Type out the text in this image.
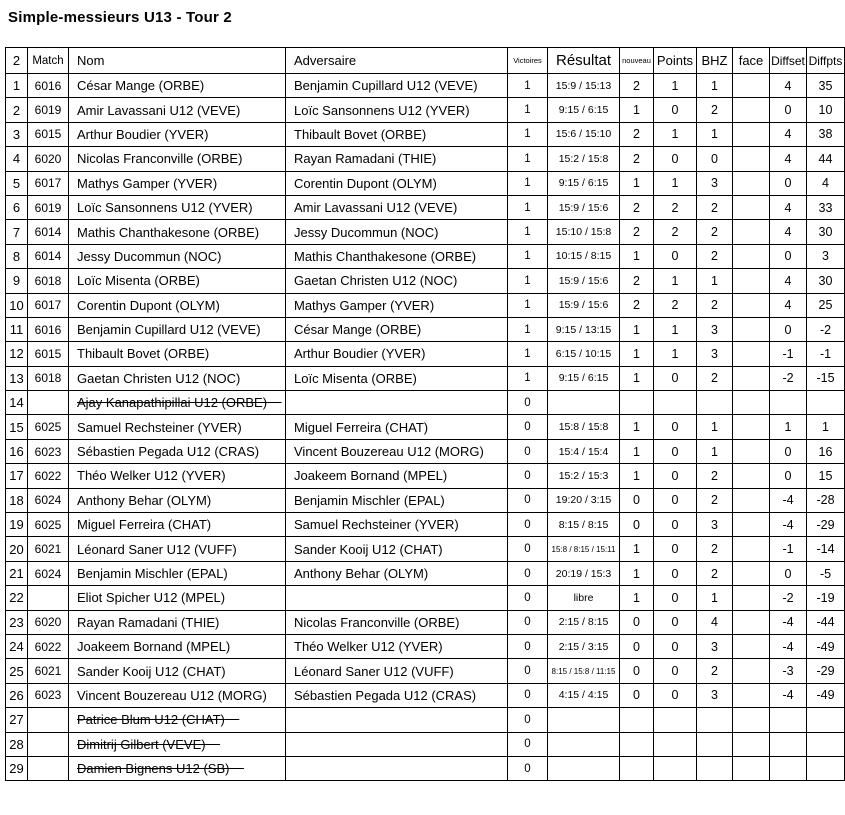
Simple-messieurs U13 - Tour 2
2	Match	Nom	Adversaire	Victoires	Résultat	nouveau	Points	BHZ	face	Diffset	Diffpts
1	6016	César Mange (ORBE)	Benjamin Cupillard U12 (VEVE)	1	15:9 / 15:13	2	1	1		4	35
2	6019	Amir Lavassani U12 (VEVE)	Loïc Sansonnens U12 (YVER)	1	9:15 / 6:15	1	0	2		0	10
3	6015	Arthur Boudier (YVER)	Thibault Bovet (ORBE)	1	15:6 / 15:10	2	1	1		4	38
4	6020	Nicolas Franconville (ORBE)	Rayan Ramadani (THIE)	1	15:2 / 15:8	2	0	0		4	44
5	6017	Mathys Gamper (YVER)	Corentin Dupont (OLYM)	1	9:15 / 6:15	1	1	3		0	4
6	6019	Loïc Sansonnens U12 (YVER)	Amir Lavassani U12 (VEVE)	1	15:9 / 15:6	2	2	2		4	33
7	6014	Mathis Chanthakesone (ORBE)	Jessy Ducommun (NOC)	1	15:10 / 15:8	2	2	2		4	30
8	6014	Jessy Ducommun (NOC)	Mathis Chanthakesone (ORBE)	1	10:15 / 8:15	1	0	2		0	3
9	6018	Loïc Misenta (ORBE)	Gaetan Christen U12 (NOC)	1	15:9 / 15:6	2	1	1		4	30
10	6017	Corentin Dupont (OLYM)	Mathys Gamper (YVER)	1	15:9 / 15:6	2	2	2		4	25
11	6016	Benjamin Cupillard U12 (VEVE)	César Mange (ORBE)	1	9:15 / 13:15	1	1	3		0	-2
12	6015	Thibault Bovet (ORBE)	Arthur Boudier (YVER)	1	6:15 / 10:15	1	1	3		-1	-1
13	6018	Gaetan Christen U12 (NOC)	Loïc Misenta (ORBE)	1	9:15 / 6:15	1	0	2		-2	-15
14		Ajay Kanapathipillai U12 (ORBE)		0							
15	6025	Samuel Rechsteiner (YVER)	Miguel Ferreira (CHAT)	0	15:8 / 15:8	1	0	1		1	1
16	6023	Sébastien Pegada U12 (CRAS)	Vincent Bouzereau U12 (MORG)	0	15:4 / 15:4	1	0	1		0	16
17	6022	Théo Welker U12 (YVER)	Joakeem Bornand (MPEL)	0	15:2 / 15:3	1	0	2		0	15
18	6024	Anthony Behar (OLYM)	Benjamin Mischler (EPAL)	0	19:20 / 3:15	0	0	2		-4	-28
19	6025	Miguel Ferreira (CHAT)	Samuel Rechsteiner (YVER)	0	8:15 / 8:15	0	0	3		-4	-29
20	6021	Léonard Saner U12 (VUFF)	Sander Kooij U12 (CHAT)	0	15:8 / 8:15 / 15:11	1	0	2		-1	-14
21	6024	Benjamin Mischler (EPAL)	Anthony Behar (OLYM)	0	20:19 / 15:3	1	0	2		0	-5
22		Eliot Spicher U12 (MPEL)		0	libre	1	0	1		-2	-19
23	6020	Rayan Ramadani (THIE)	Nicolas Franconville (ORBE)	0	2:15 / 8:15	0	0	4		-4	-44
24	6022	Joakeem Bornand (MPEL)	Théo Welker U12 (YVER)	0	2:15 / 3:15	0	0	3		-4	-49
25	6021	Sander Kooij U12 (CHAT)	Léonard Saner U12 (VUFF)	0	8:15 / 15:8 / 11:15	0	0	2		-3	-29
26	6023	Vincent Bouzereau U12 (MORG)	Sébastien Pegada U12 (CRAS)	0	4:15 / 4:15	0	0	3		-4	-49
27		Patrice Blum U12 (CHAT)		0							
28		Dimitrij Gilbert (VEVE)		0							
29		Damien Bignens U12 (SB)		0							
